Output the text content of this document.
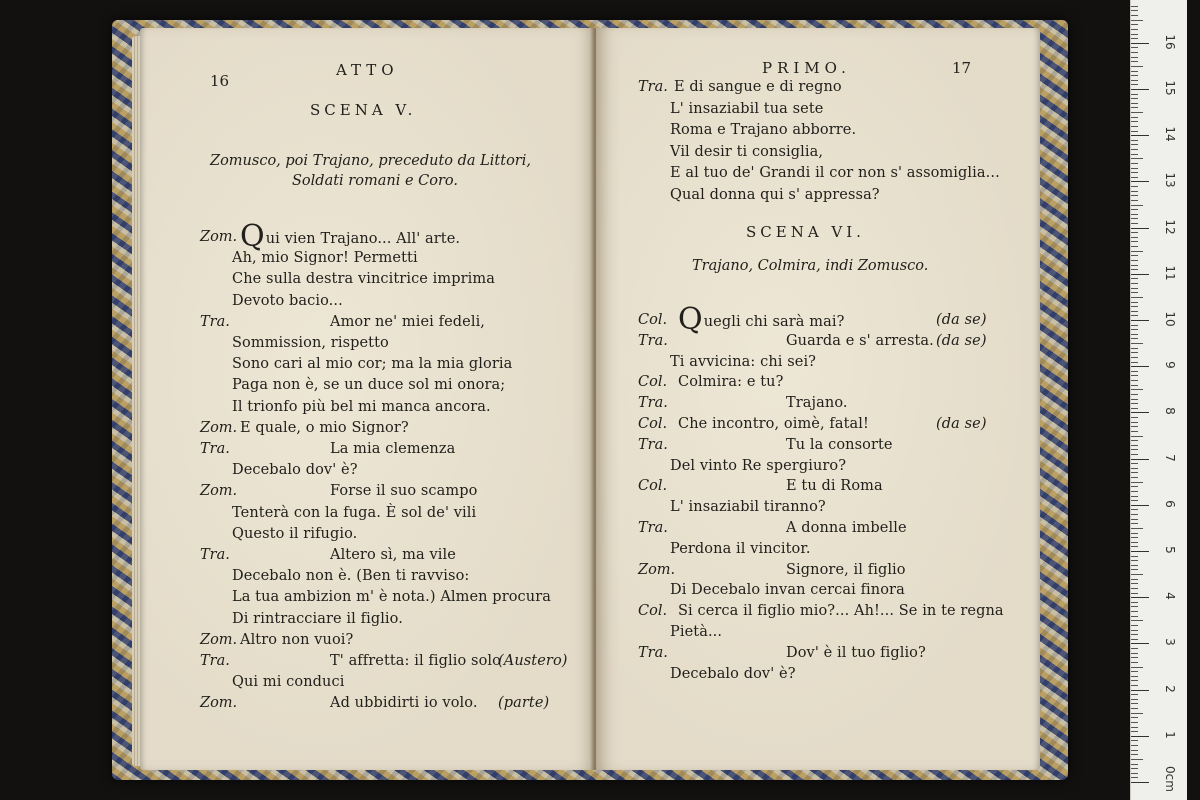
16
ATTO
SCENA V.
Zomusco, poi Trajano, preceduto da Littori,
Soldati romani e Coro.
Zom. Qui vien Trajano... All' arte.
Ah, mio Signor! Permetti
Che sulla destra vincitrice imprima
Devoto bacio...
Tra.	Amor ne' miei fedeli,
Sommission, rispetto
Sono cari al mio cor; ma la mia gloria
Paga non è, se un duce sol mi onora;
Il trionfo più bel mi manca ancora.
Zom. E quale, o mio Signor?
Tra.	La mia clemenza
Decebalo dov' è?
Zom.	Forse il suo scampo
Tenterà con la fuga. È sol de' vili
Questo il rifugio.
Tra.	Altero sì, ma vile
Decebalo non è. (Ben ti ravviso:
La tua ambizion m' è nota.) Almen procura
Di rintracciare il figlio.
Zom. Altro non vuoi?
Tra.	T' affretta: il figlio solo
(Austero)
Qui mi conduci
Zom.	Ad ubbidirti io volo. (parte)
PRIMO.	17
SCENA VI.
Trajano, Colmira, indi Zomusco.
Tra. E di sangue e di regno
L' insaziabil tua sete
Roma e Trajano abborre.
Vil desir ti consiglia,
E al tuo de' Grandi il cor non s' assomiglia...
Qual donna qui s' appressa?
Col. Quegli chi sarà mai?	(da se)
Tra.	Guarda e s' arresta. (da se)
Ti avvicina: chi sei?
Col. Colmira: e tu?
Tra.	Trajano.
Col. Che incontro, oimè, fatal!	(da se)
Tra.	Tu la consorte
Del vinto Re spergiuro?
Col.	E tu di Roma
L' insaziabil tiranno?
Tra.	A donna imbelle
Perdona il vincitor.
Zom.	Signore, il figlio
Di Decebalo invan cercai finora
Col. Si cerca il figlio mio?... Ah!... Se in te regna
Pietà...
Tra.	Dov' è il tuo figlio?
Decebalo dov' è?
0cm
1
2
3
4
5
6
7
8
9
10
11
12
13
14
15
16
